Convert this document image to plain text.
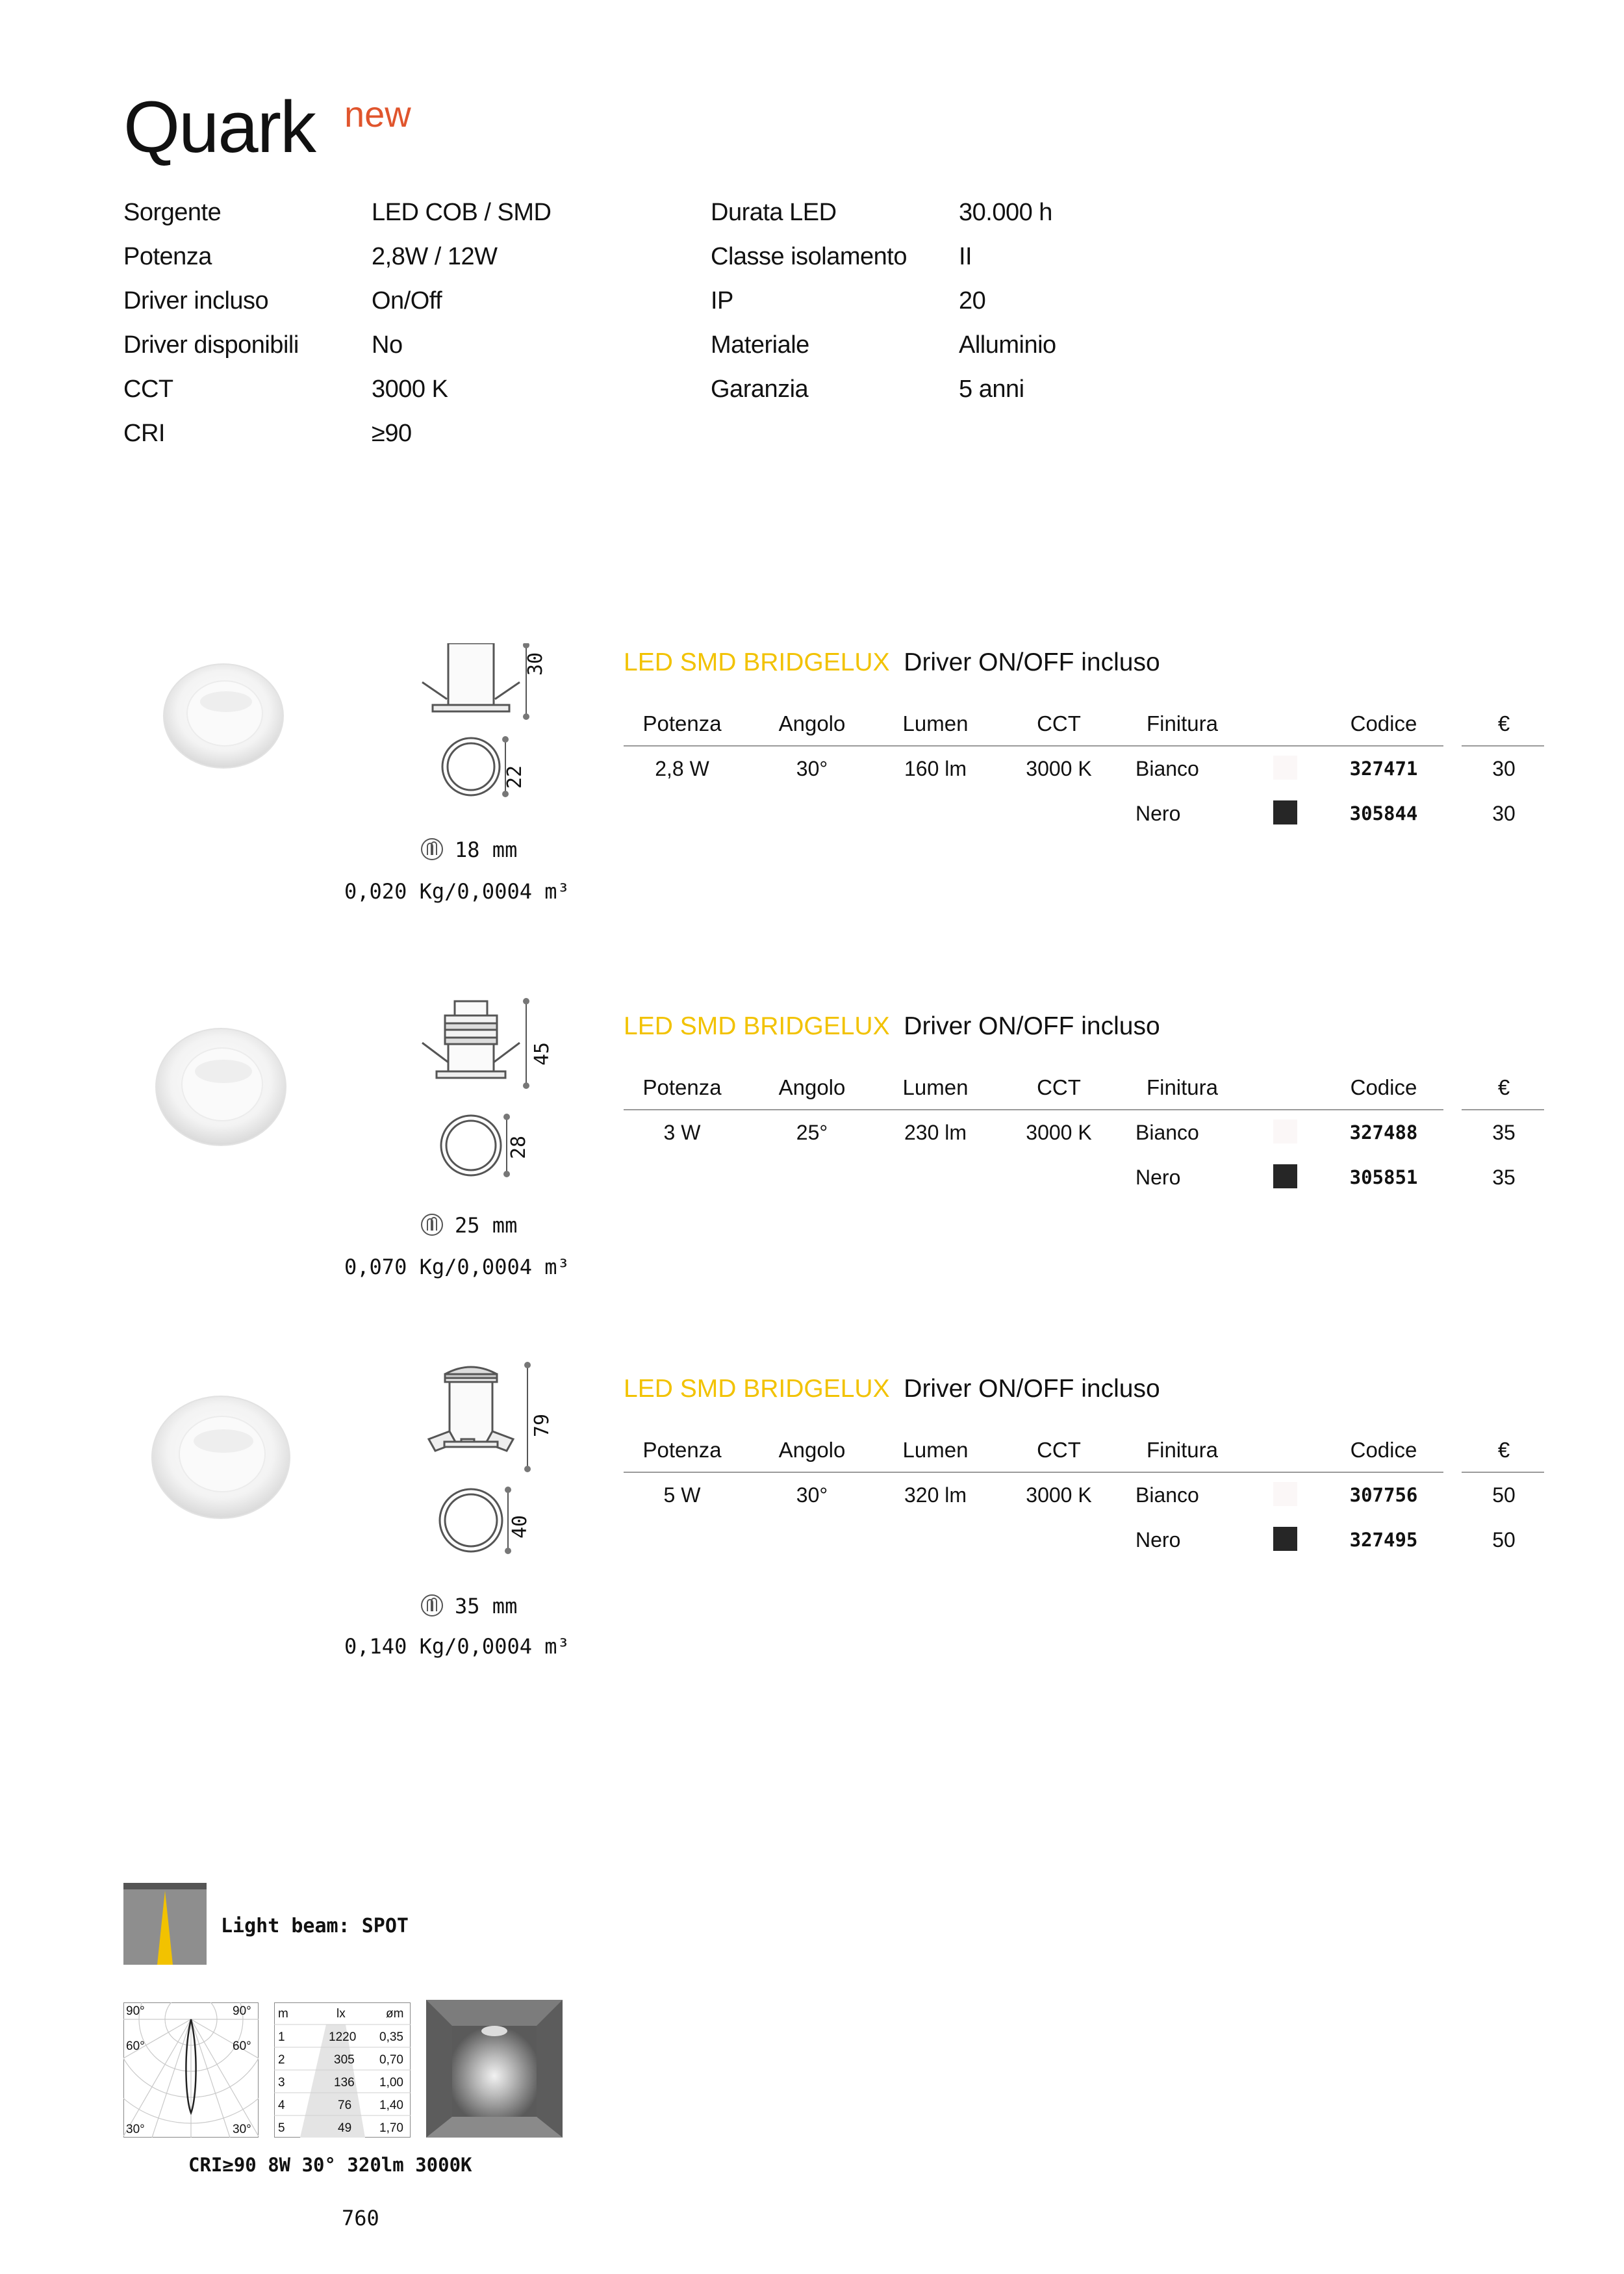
Quark new
Sorgente	LED COB / SMD
Potenza	2,8W / 12W
Driver incluso	On/Off
Driver disponibili	No
CCT	3000 K
CRI	≥90
Durata LED	30.000 h
Classe isolamento II
IP	20
Materiale	Alluminio
Garanzia	5 anni
30
22
18 mm
0,020 Kg/0,0004 m³
LED SMD BRIDGELUX Driver ON/OFF incluso
Potenza	Angolo	Lumen	CCT	Finitura	Codice	€
2,8 W	30°	160 lm	3000 K	Bianco	327471	30
Nero	305844	30
45
28
25 mm
0,070 Kg/0,0004 m³
LED SMD BRIDGELUX Driver ON/OFF incluso
Potenza	Angolo	Lumen	CCT	Finitura	Codice	€
3 W	25°	230 lm	3000 K	Bianco	327488	35
Nero	305851	35
79
40
35 mm
0,140 Kg/0,0004 m³
LED SMD BRIDGELUX Driver ON/OFF incluso
Potenza	Angolo	Lumen	CCT	Finitura	Codice	€
5 W	30°	320 lm	3000 K	Bianco	307756	50
Nero	327495	50
Light beam: SPOT
90°	90°
60°	60°
30°	30°
m	lx	øm
1	1220 0,35
2	305 0,70
3	136 1,00
4	76 1,40
5	49 1,70
CRI≥90 8W 30° 320lm 3000K
760
